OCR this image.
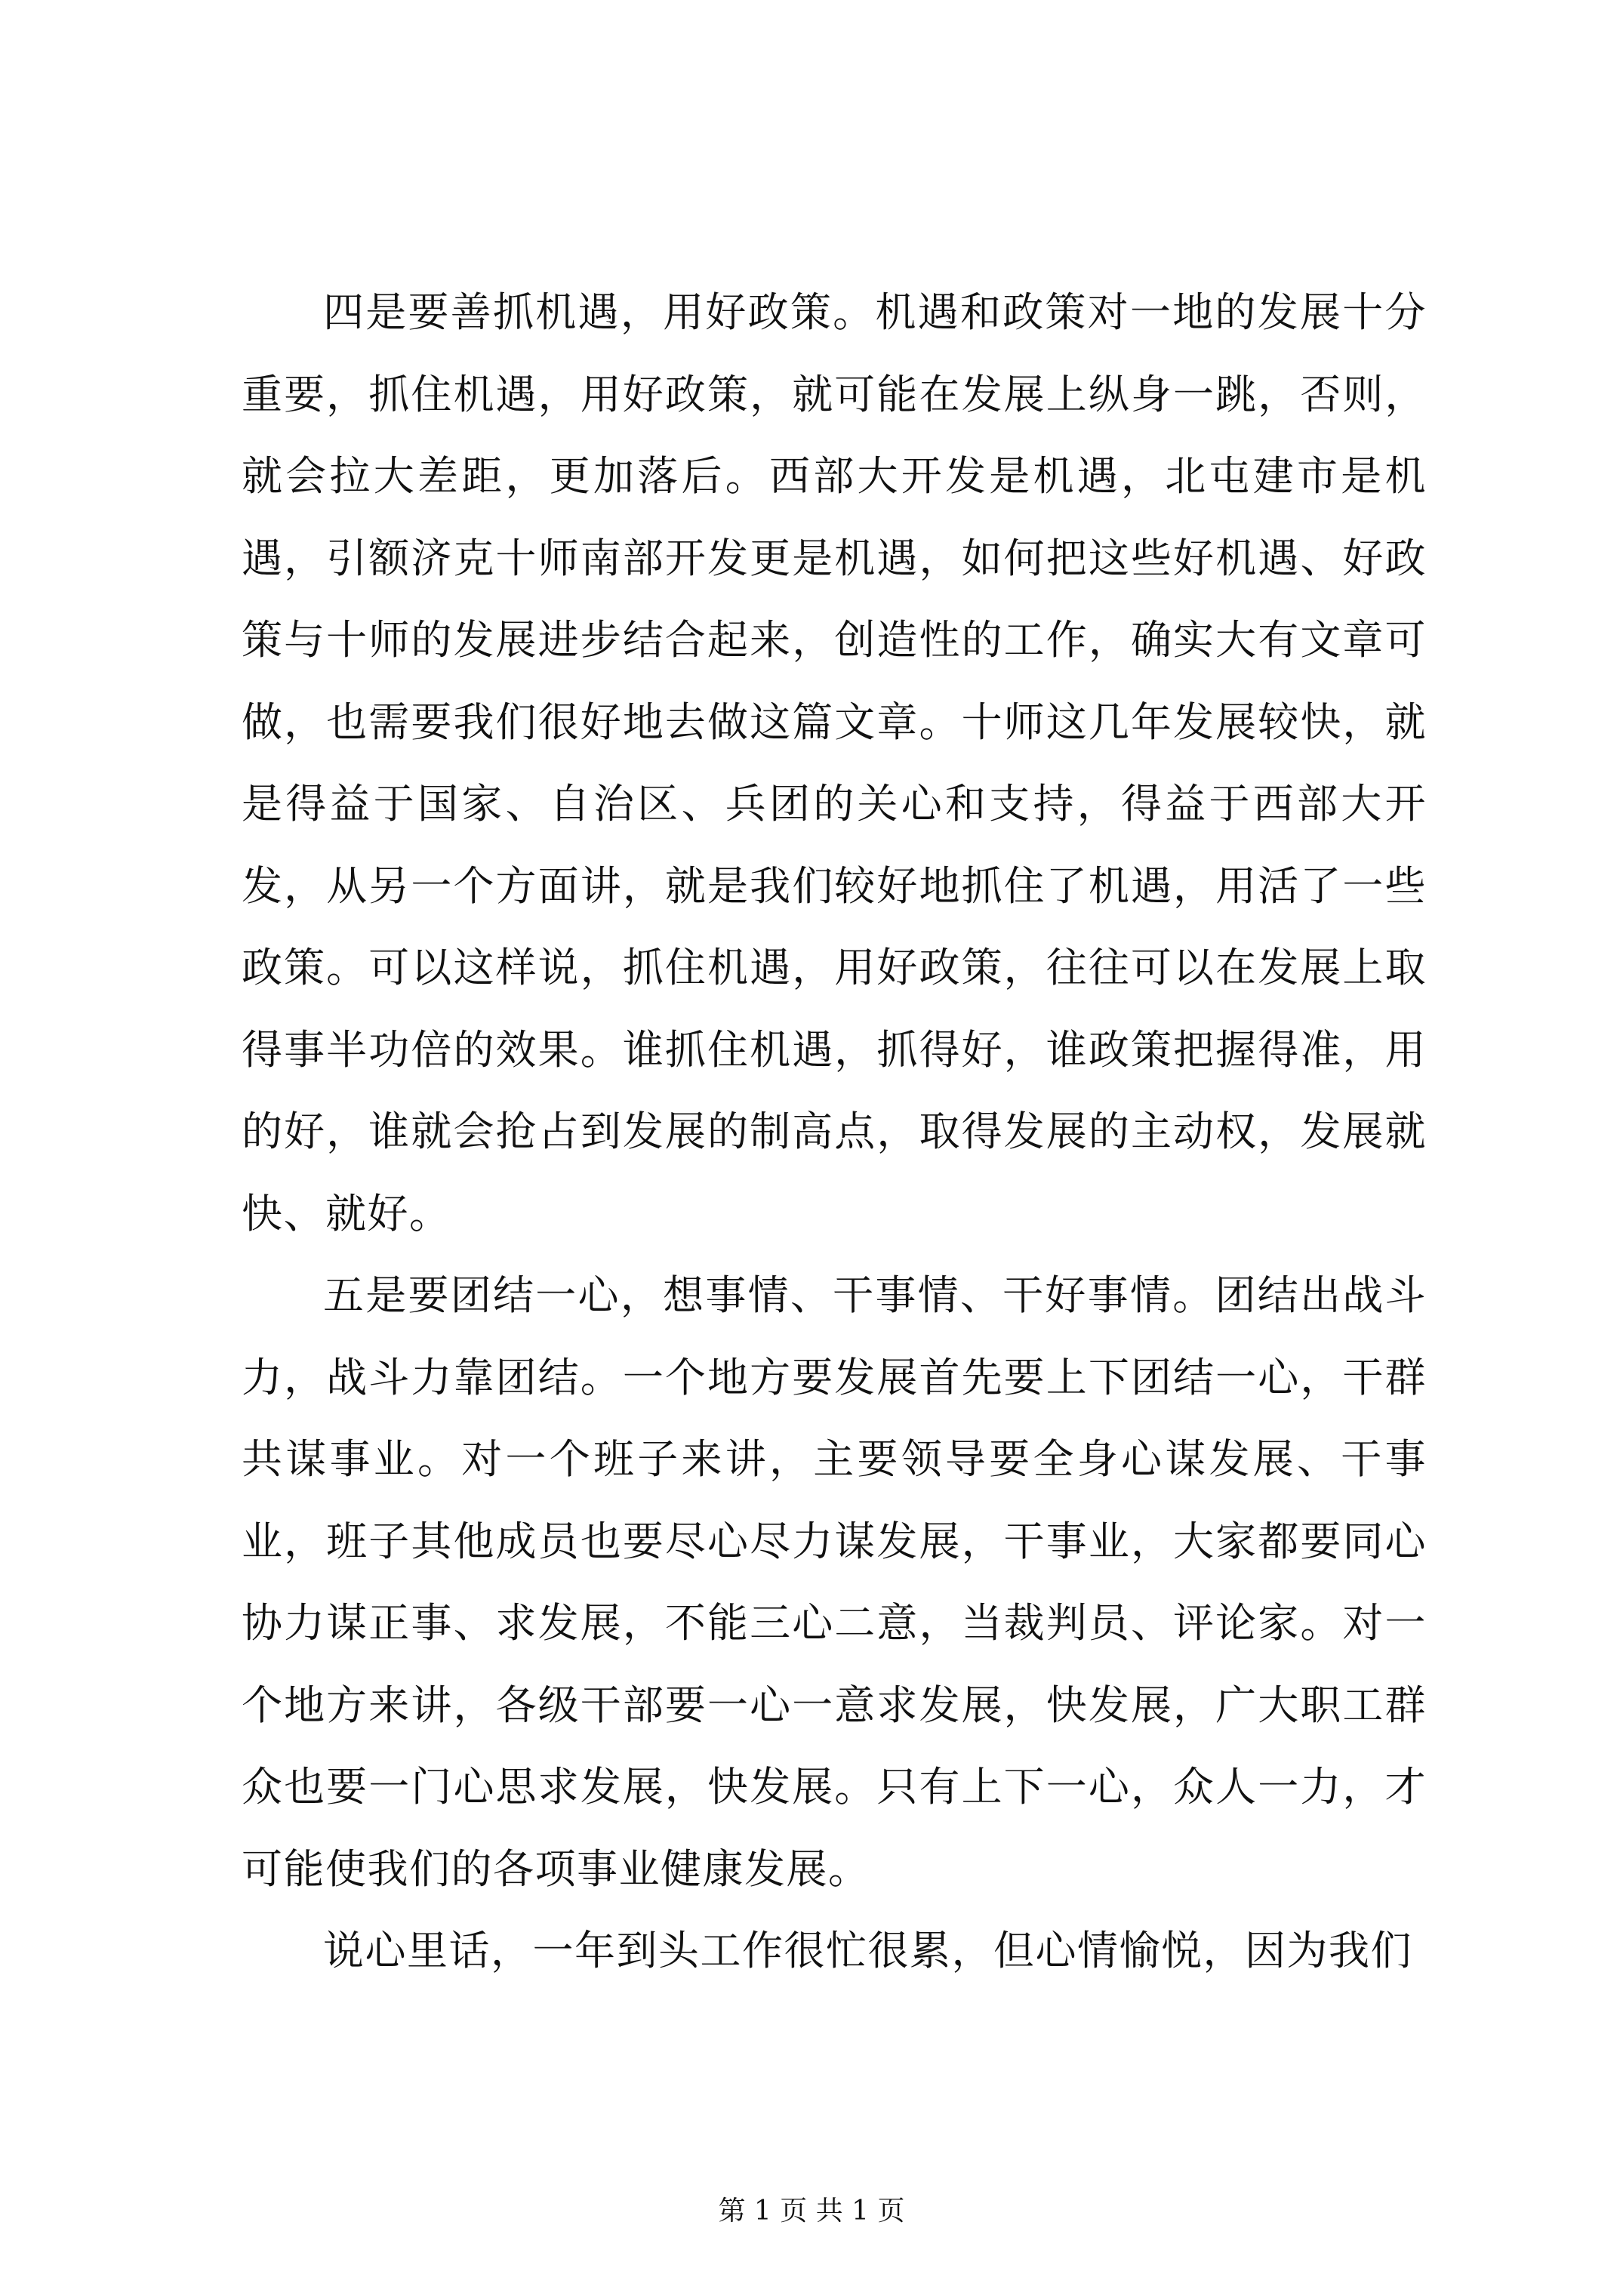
四是要善抓机遇，用好政策。机遇和政策对一地的发展十分重要，抓住机遇，用好政策，就可能在发展上纵身一跳，否则，就会拉大差距，更加落后。西部大开发是机遇，北屯建市是机遇，引额济克十师南部开发更是机遇，如何把这些好机遇、好政策与十师的发展进步结合起来，创造性的工作，确实大有文章可做，也需要我们很好地去做这篇文章。十师这几年发展较快，就是得益于国家、自治区、兵团的关心和支持，得益于西部大开发，从另一个方面讲，就是我们较好地抓住了机遇，用活了一些政策。可以这样说，抓住机遇，用好政策，往往可以在发展上取得事半功倍的效果。谁抓住机遇，抓得好，谁政策把握得准，用的好，谁就会抢占到发展的制高点，取得发展的主动权，发展就快、就好。

五是要团结一心，想事情、干事情、干好事情。团结出战斗力，战斗力靠团结。一个地方要发展首先要上下团结一心，干群共谋事业。对一个班子来讲，主要领导要全身心谋发展、干事业，班子其他成员也要尽心尽力谋发展，干事业，大家都要同心协力谋正事、求发展，不能三心二意，当裁判员、评论家。对一个地方来讲，各级干部要一心一意求发展，快发展，广大职工群众也要一门心思求发展，快发展。只有上下一心，众人一力，才可能使我们的各项事业健康发展。

说心里话，一年到头工作很忙很累，但心情愉悦，因为我们

第 1 页 共 1 页
